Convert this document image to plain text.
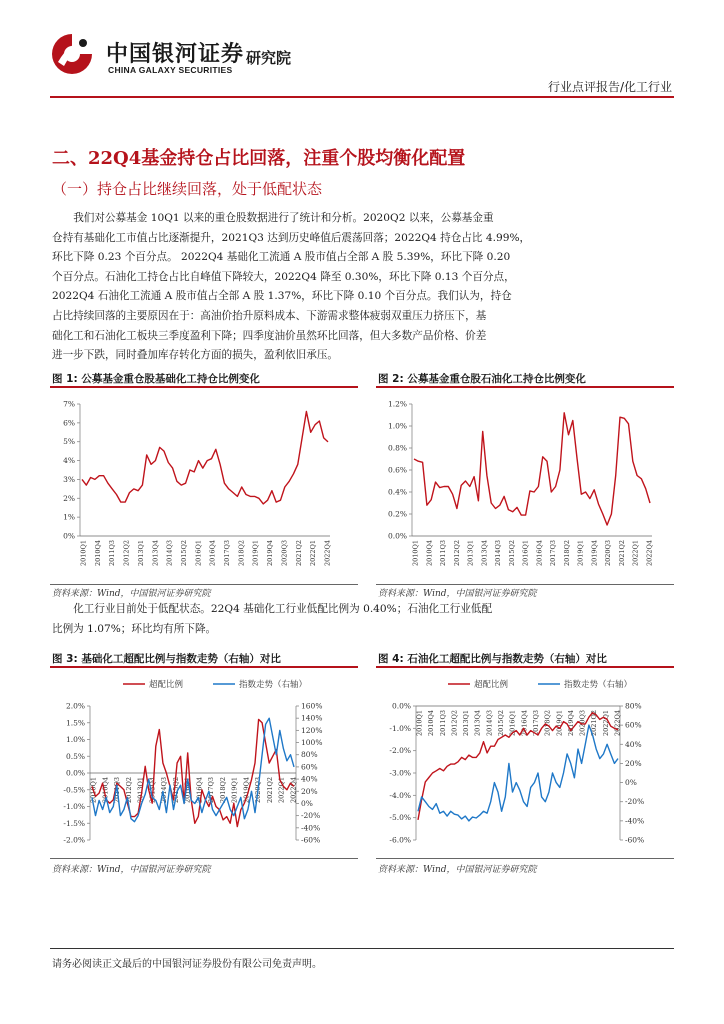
中国银河证券
CHINA GALAXY SECURITIES
研究院
行业点评报告/化工行业
二、22Q4基金持仓占比回落，注重个股均衡化配置
（一）持仓占比继续回落，处于低配状态

我们对公募基金 10Q1 以来的重仓股数据进行了统计和分析。2020Q2 以来，公募基金重

仓持有基础化工市值占比逐渐提升，2021Q3 达到历史峰值后震荡回落；2022Q4 持仓占比 4.99%，

环比下降 0.23 个百分点。 2022Q4 基础化工流通 A 股市值占全部 A 股 5.39%，环比下降 0.20

个百分点。石油化工持仓占比自峰值下降较大，2022Q4 降至 0.30%，环比下降 0.13 个百分点，

2022Q4 石油化工流通 A 股市值占全部 A 股 1.37%，环比下降 0.10 个百分点。我们认为，持仓

占比持续回落的主要原因在于：高油价抬升原料成本、下游需求整体疲弱双重压力挤压下，基

础化工和石油化工板块三季度盈利下降；四季度油价虽然环比回落，但大多数产品价格、价差

进一步下跌，同时叠加库存转化方面的损失，盈利依旧承压。

图 1: 公募基金重仓股基础化工持仓比例变化
0%
1%
2%
3%
4%
5%
6%
7%
2010Q1 2010Q4 2011Q3 2012Q2 2013Q1 2013Q4 2014Q3 2015Q2 2016Q1 2016Q4 2017Q3 2018Q2 2019Q1 2019Q4 2020Q3 2021Q2 2022Q1 2022Q4
资料来源：Wind，中国银河证券研究院
图 2: 公募基金重仓股石油化工持仓比例变化
0.0%
0.2%
0.4%
0.6%
0.8%
1.0%
1.2%
2010Q1 2010Q4 2011Q3 2012Q2 2013Q1 2013Q4 2014Q3 2015Q2 2016Q1 2016Q4 2017Q3 2018Q2 2019Q1 2019Q4 2020Q3 2021Q2 2022Q1 2022Q4
资料来源：Wind，中国银河证券研究院

化工行业目前处于低配状态。22Q4 基础化工行业低配比例为 0.40%；石油化工行业低配

比例为 1.07%；环比均有所下降。

图 3: 基础化工超配比例与指数走势（右轴）对比
2.0%
1.5%
1.0%
0.5%
0.0%
-0.5%
-1.0%
-1.5%
-2.0%
160%
140%
120%
100%
80%
60%
40%
20%
0%
-20%
-40%
-60%
2010Q1 2010Q4 2011Q3 2012Q2 2013Q1 2013Q4 2014Q3 2015Q2 2016Q1 2016Q4 2017Q3 2018Q2 2019Q1 2019Q4 2020Q3 2021Q2 2022Q1 2022Q4
超配比例	指数走势（右轴）
资料来源：Wind，中国银河证券研究院
图 4: 石油化工超配比例与指数走势（右轴）对比
0.0%
-1.0%
-2.0%
-3.0%
-4.0%
-5.0%
-6.0%
80%
60%
40%
20%
0%
-20%
-40%
-60%
2010Q1 2010Q4 2011Q3 2012Q2 2013Q1 2013Q4 2014Q3 2015Q2 2016Q1 2016Q4 2017Q3 2018Q2 2019Q1 2019Q4 2020Q3 2021Q2 2022Q1 2022Q4
超配比例	指数走势（右轴）
资料来源：Wind，中国银河证券研究院
请务必阅读正文最后的中国银河证券股份有限公司免责声明。
